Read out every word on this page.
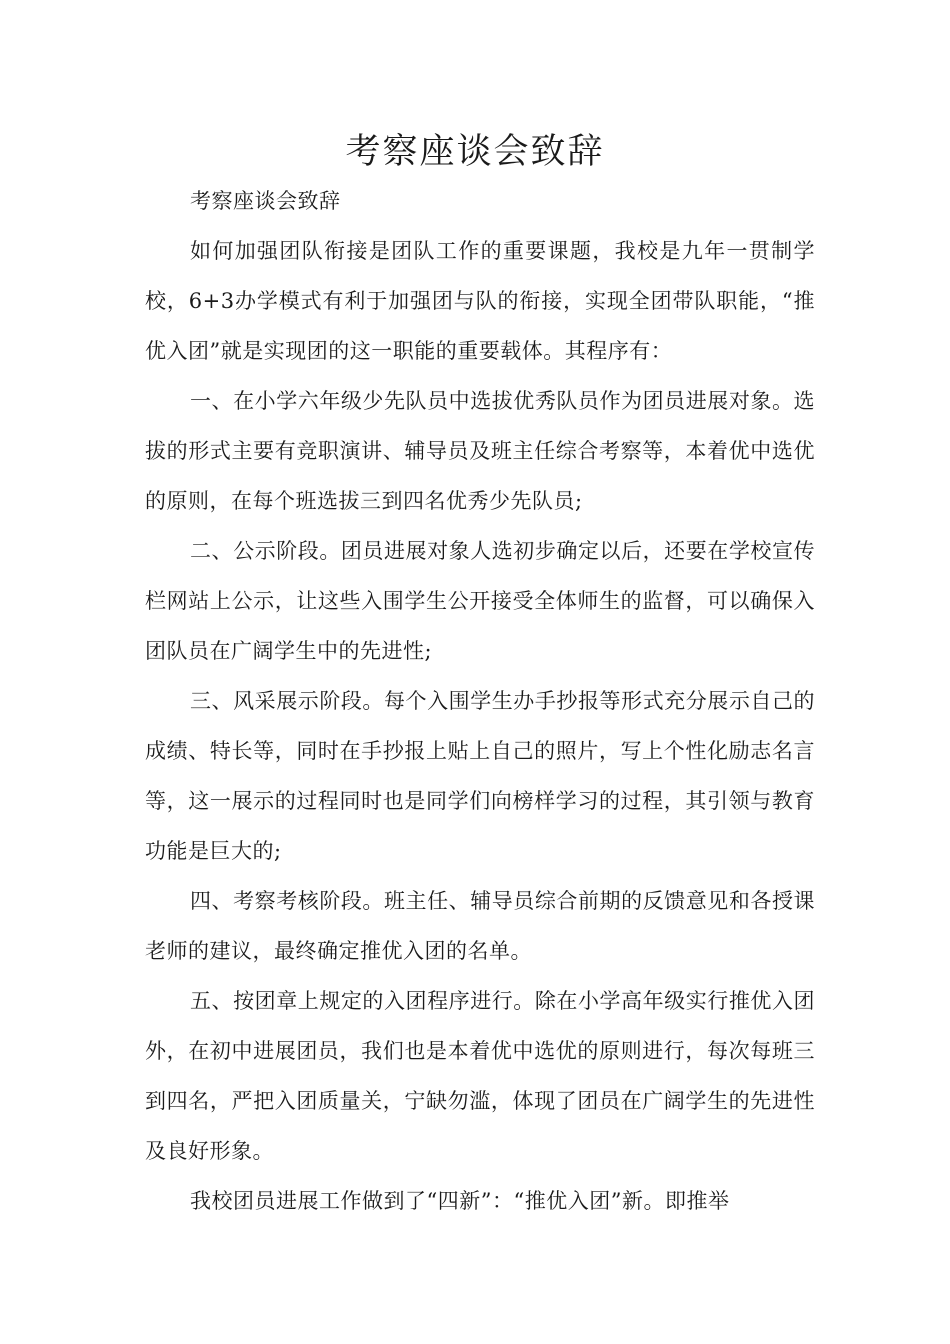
考察座谈会致辞

考察座谈会致辞

如何加强团队衔接是团队工作的重要课题，我校是九年一贯制学校，6+3办学模式有利于加强团与队的衔接，实现全团带队职能，“推优入团”就是实现团的这一职能的重要载体。其程序有：

一、在小学六年级少先队员中选拔优秀队员作为团员进展对象。选拔的形式主要有竞职演讲、辅导员及班主任综合考察等，本着优中选优的原则，在每个班选拔三到四名优秀少先队员;

二、公示阶段。团员进展对象人选初步确定以后，还要在学校宣传栏网站上公示，让这些入围学生公开接受全体师生的监督，可以确保入团队员在广阔学生中的先进性;

三、风采展示阶段。每个入围学生办手抄报等形式充分展示自己的成绩、特长等，同时在手抄报上贴上自己的照片，写上个性化励志名言等，这一展示的过程同时也是同学们向榜样学习的过程，其引领与教育功能是巨大的;

四、考察考核阶段。班主任、辅导员综合前期的反馈意见和各授课老师的建议，最终确定推优入团的名单。

五、按团章上规定的入团程序进行。除在小学高年级实行推优入团外，在初中进展团员，我们也是本着优中选优的原则进行，每次每班三到四名，严把入团质量关，宁缺勿滥，体现了团员在广阔学生的先进性及良好形象。

我校团员进展工作做到了“四新”：“推优入团”新。即推举
